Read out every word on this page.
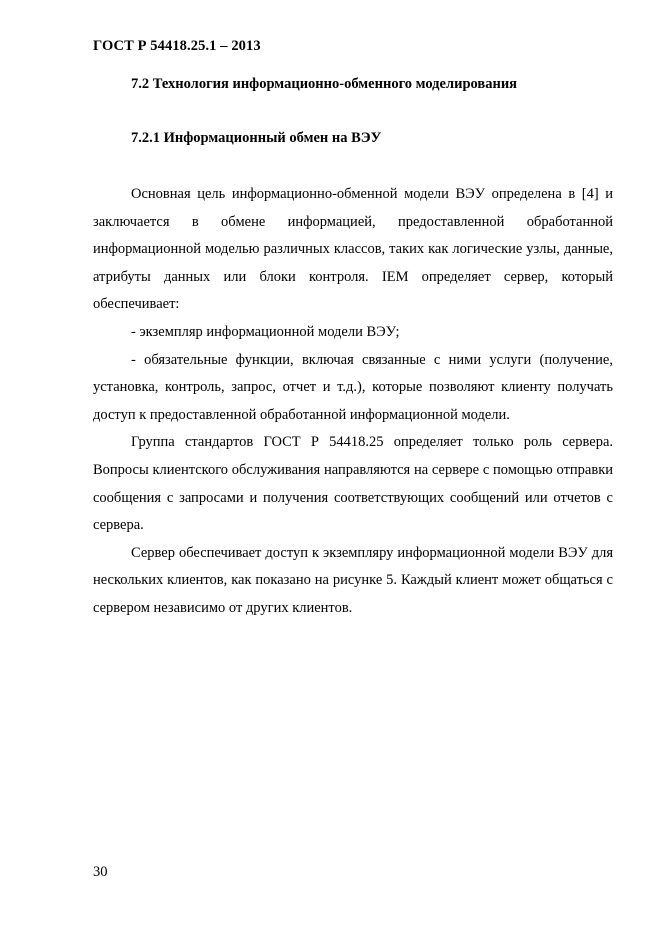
ГОСТ Р 54418.25.1 – 2013
7.2 Технология информационно-обменного моделирования
7.2.1 Информационный обмен на ВЭУ

Основная цель информационно-обменной модели ВЭУ определена в [4] и заключается в обмене информацией, предоставленной обработанной информационной моделью различных классов, таких как логические узлы, данные, атрибуты данных или блоки контроля. IEM определяет сервер, который обеспечивает:

- экземпляр информационной модели ВЭУ;

- обязательные функции, включая связанные с ними услуги (получение, установка, контроль, запрос, отчет и т.д.), которые позволяют клиенту получать доступ к предоставленной обработанной информационной модели.

Группа стандартов ГОСТ Р 54418.25 определяет только роль сервера. Вопросы клиентского обслуживания направляются на сервере с помощью отправки сообщения с запросами и получения соответствующих сообщений или отчетов с сервера.

Сервер обеспечивает доступ к экземпляру информационной модели ВЭУ для нескольких клиентов, как показано на рисунке 5. Каждый клиент может общаться с сервером независимо от других клиентов.

30
